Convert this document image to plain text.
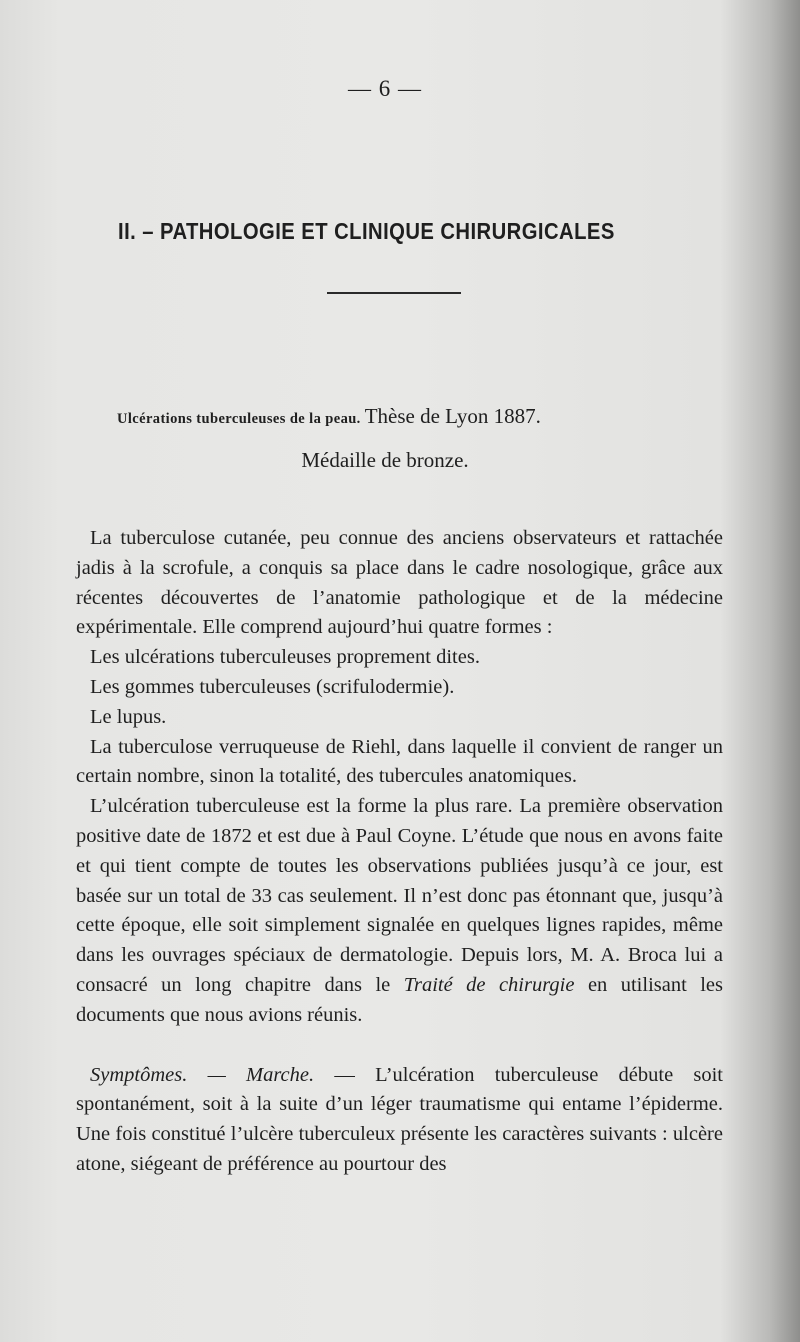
— 6 —
II. – PATHOLOGIE ET CLINIQUE CHIRURGICALES
Ulcérations tuberculeuses de la peau. Thèse de Lyon 1887.
Médaille de bronze.

La tuberculose cutanée, peu connue des anciens observateurs et rattachée jadis à la scrofule, a conquis sa place dans le cadre nosologique, grâce aux récentes découvertes de l’anatomie pathologique et de la médecine expérimentale. Elle comprend aujourd’hui quatre formes :

Les ulcérations tuberculeuses proprement dites.

Les gommes tuberculeuses (scrifulodermie).

Le lupus.

La tuberculose verruqueuse de Riehl, dans laquelle il convient de ranger un certain nombre, sinon la totalité, des tubercules anatomiques.

L’ulcération tuberculeuse est la forme la plus rare. La première observation positive date de 1872 et est due à Paul Coyne. L’étude que nous en avons faite et qui tient compte de toutes les observations publiées jusqu’à ce jour, est basée sur un total de 33 cas seulement. Il n’est donc pas étonnant que, jusqu’à cette époque, elle soit simplement signalée en quelques lignes rapides, même dans les ouvrages spéciaux de dermatologie. Depuis lors, M. A. Broca lui a consacré un long chapitre dans le Traité de chirurgie en utilisant les documents que nous avions réunis.

Symptômes. — Marche. — L’ulcération tuberculeuse débute soit spontanément, soit à la suite d’un léger traumatisme qui entame l’épiderme. Une fois constitué l’ulcère tuberculeux présente les caractères suivants : ulcère atone, siégeant de préférence au pourtour des
